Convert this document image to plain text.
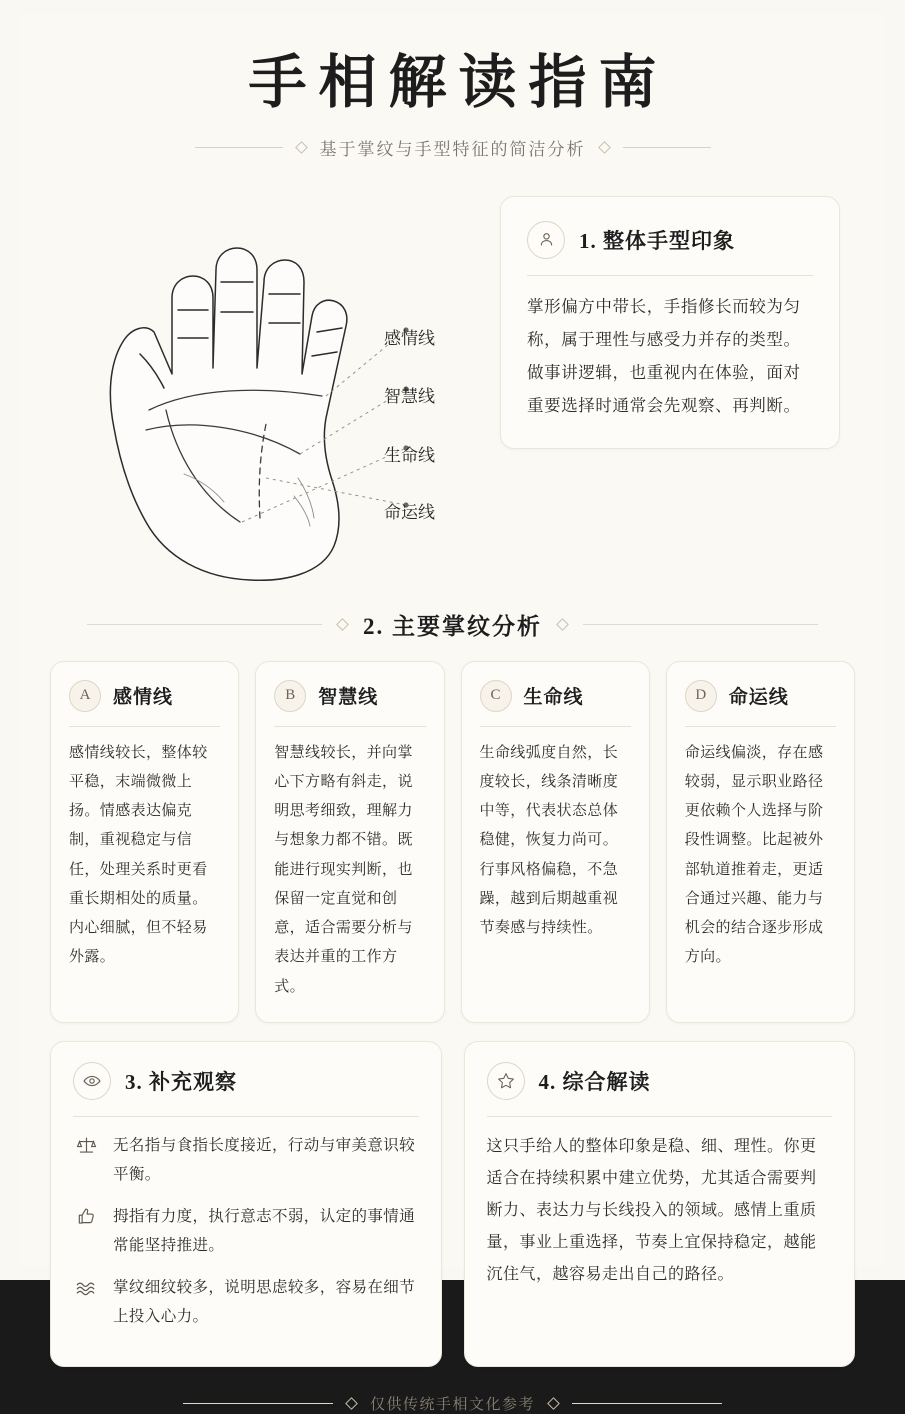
手相解读指南
基于掌纹与手型特征的简洁分析
感情线
智慧线
生命线
命运线
1. 整体手型印象
掌形偏方中带长，手指修长而较为匀称，属于理性与感受力并存的类型。做事讲逻辑，也重视内在体验，面对重要选择时通常会先观察、再判断。
2. 主要掌纹分析
A	感情线
感情线较长，整体较平稳，末端微微上扬。情感表达偏克制，重视稳定与信任，处理关系时更看重长期相处的质量。内心细腻，但不轻易外露。
B	智慧线
智慧线较长，并向掌心下方略有斜走，说明思考细致，理解力与想象力都不错。既能进行现实判断，也保留一定直觉和创意，适合需要分析与表达并重的工作方式。
C	生命线
生命线弧度自然，长度较长，线条清晰度中等，代表状态总体稳健，恢复力尚可。行事风格偏稳，不急躁，越到后期越重视节奏感与持续性。
D	命运线
命运线偏淡，存在感较弱，显示职业路径更依赖个人选择与阶段性调整。比起被外部轨道推着走，更适合通过兴趣、能力与机会的结合逐步形成方向。
3. 补充观察
无名指与食指长度接近，行动与审美意识较平衡。
拇指有力度，执行意志不弱，认定的事情通常能坚持推进。
掌纹细纹较多，说明思虑较多，容易在细节上投入心力。
4. 综合解读
这只手给人的整体印象是稳、细、理性。你更适合在持续积累中建立优势，尤其适合需要判断力、表达力与长线投入的领域。感情上重质量，事业上重选择，节奏上宜保持稳定，越能沉住气，越容易走出自己的路径。
仅供传统手相文化参考
